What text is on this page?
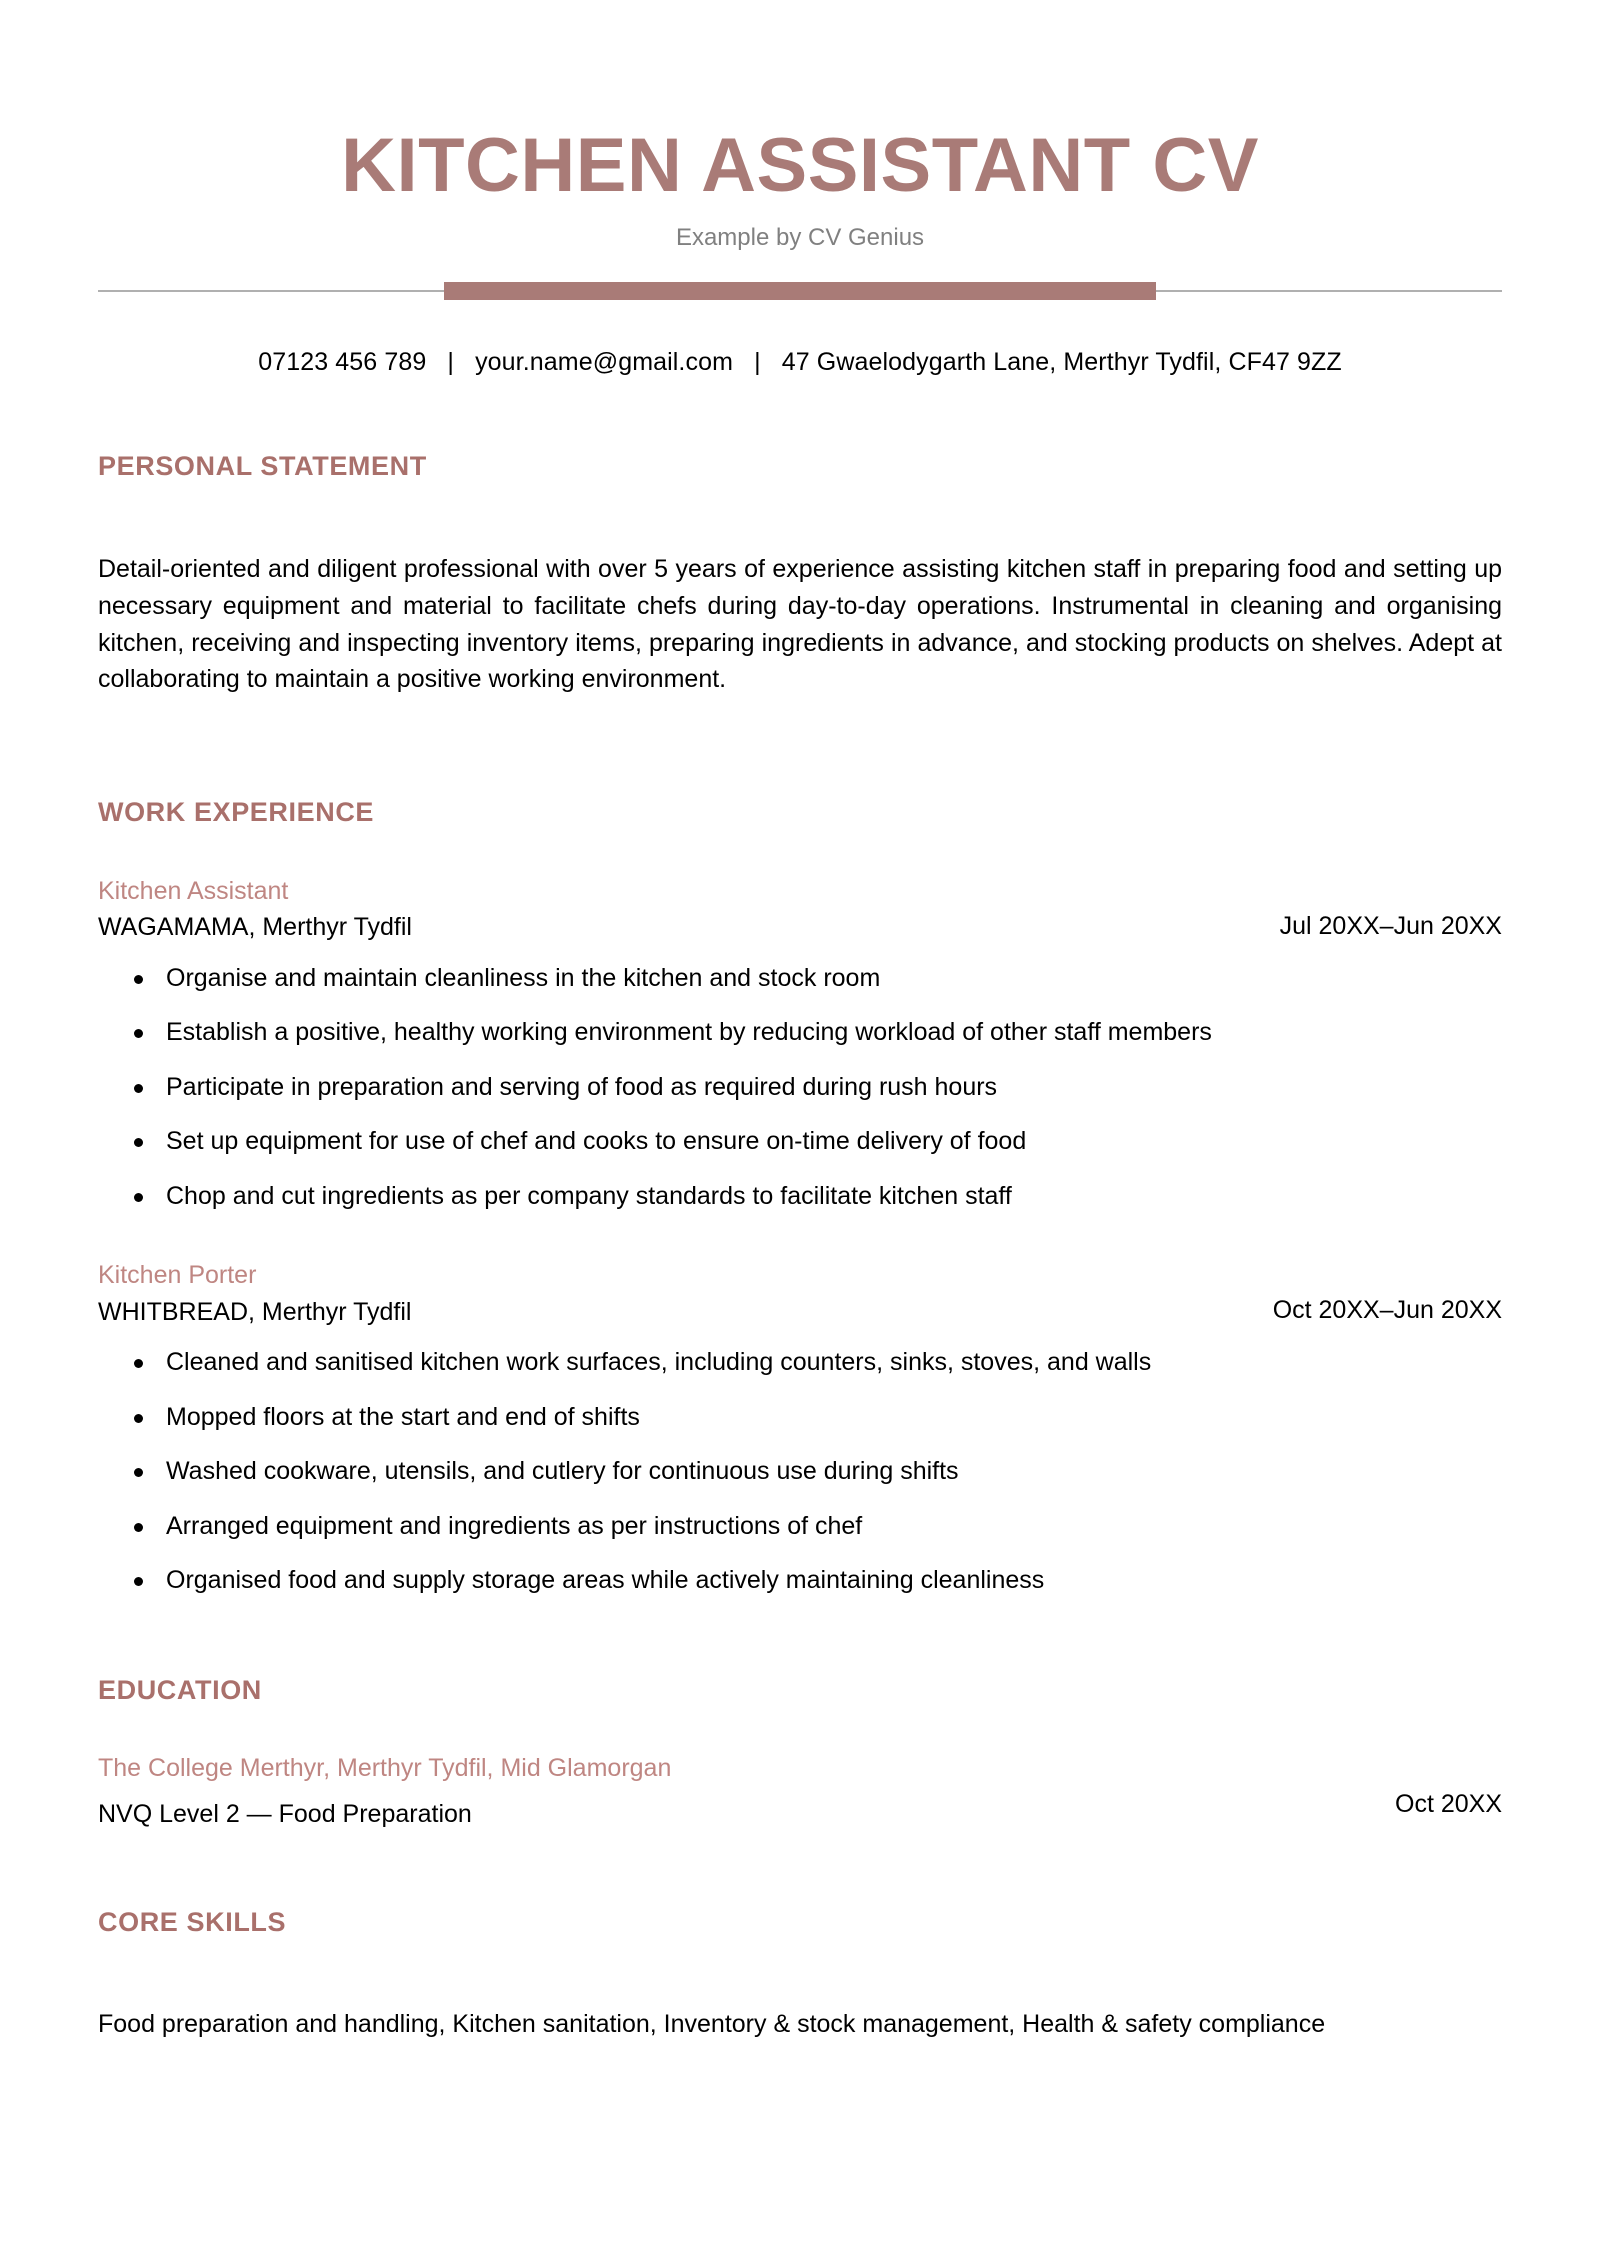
KITCHEN ASSISTANT CV

Example by CV Genius

07123 456 789 | your.name@gmail.com | 47 Gwaelodygarth Lane, Merthyr Tydfil, CF47 9ZZ
PERSONAL STATEMENT

Detail-oriented and diligent professional with over 5 years of experience assisting kitchen staff in preparing food and setting up necessary equipment and material to facilitate chefs during day-to-day operations. Instrumental in cleaning and organising kitchen, receiving and inspecting inventory items, preparing ingredients in advance, and stocking products on shelves. Adept at collaborating to maintain a positive working environment.

WORK EXPERIENCE

Kitchen Assistant

WAGAMAMA, Merthyr Tydfil	Jul 20XX–Jun 20XX
Organise and maintain cleanliness in the kitchen and stock room
Establish a positive, healthy working environment by reducing workload of other staff members
Participate in preparation and serving of food as required during rush hours
Set up equipment for use of chef and cooks to ensure on-time delivery of food
Chop and cut ingredients as per company standards to facilitate kitchen staff

Kitchen Porter

WHITBREAD, Merthyr Tydfil	Oct 20XX–Jun 20XX
Cleaned and sanitised kitchen work surfaces, including counters, sinks, stoves, and walls
Mopped floors at the start and end of shifts
Washed cookware, utensils, and cutlery for continuous use during shifts
Arranged equipment and ingredients as per instructions of chef
Organised food and supply storage areas while actively maintaining cleanliness
EDUCATION

The College Merthyr, Merthyr Tydfil, Mid Glamorgan

NVQ Level 2 — Food Preparation	Oct 20XX
CORE SKILLS

Food preparation and handling, Kitchen sanitation, Inventory & stock management, Health & safety compliance
